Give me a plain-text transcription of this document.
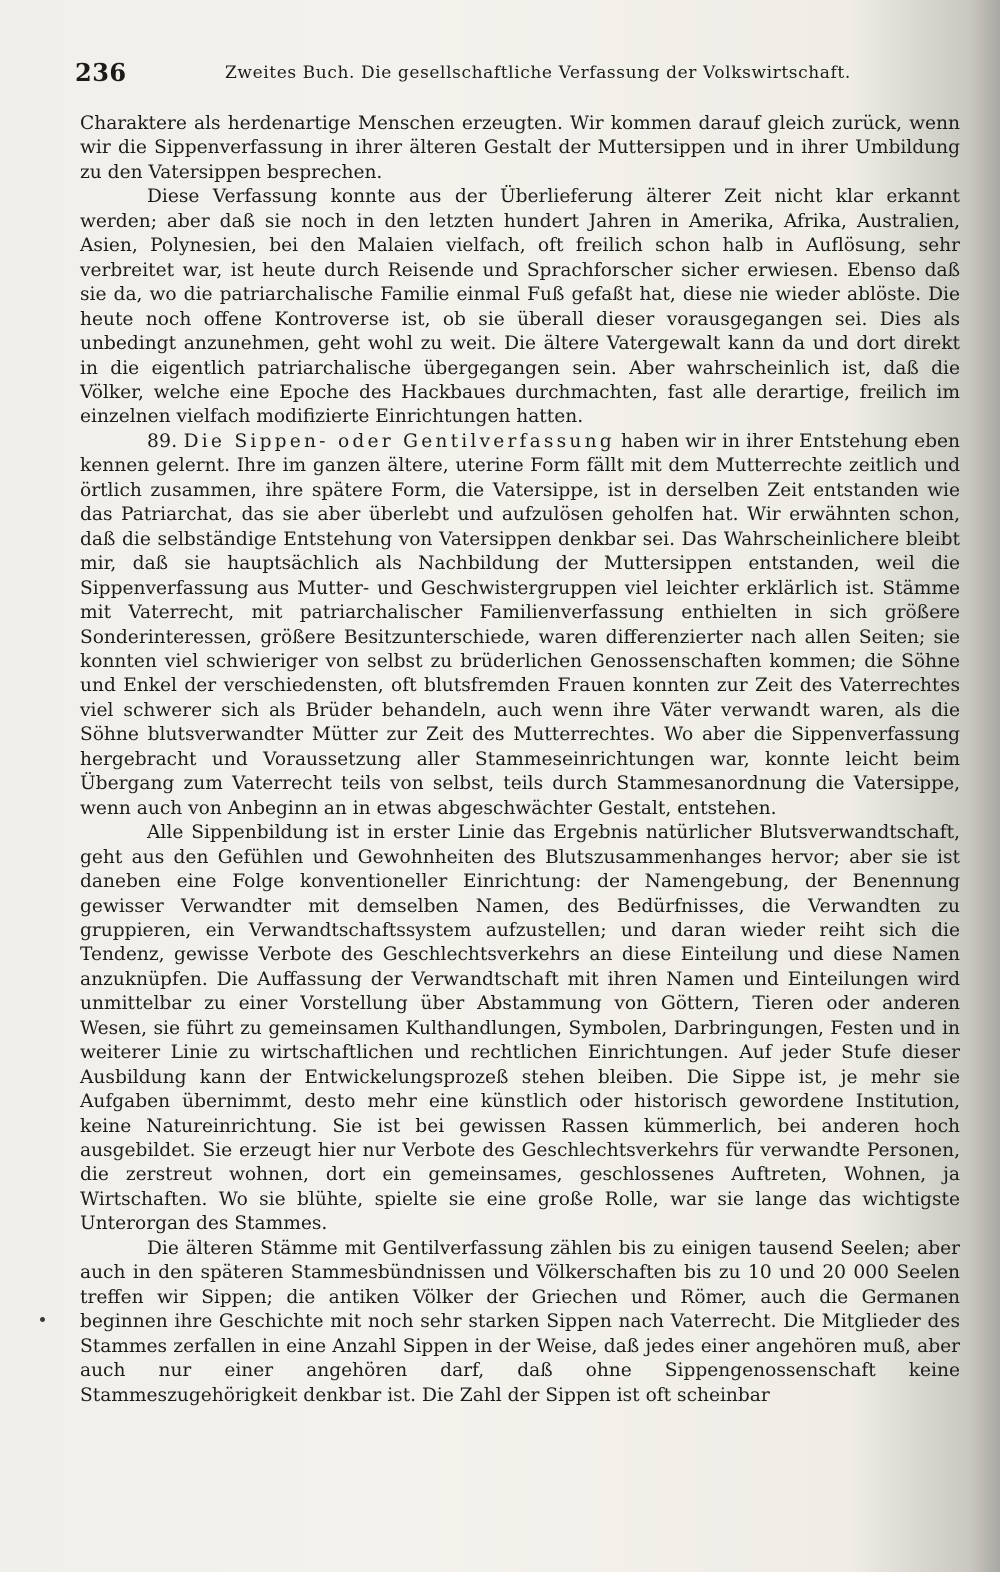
236	Zweites Buch. Die gesellschaftliche Verfassung der Volkswirtschaft.

Charaktere als herdenartige Menschen erzeugten. Wir kommen darauf gleich zurück, wenn wir die Sippenverfassung in ihrer älteren Gestalt der Muttersippen und in ihrer Umbildung zu den Vatersippen besprechen.

Diese Verfassung konnte aus der Überlieferung älterer Zeit nicht klar erkannt werden; aber daß sie noch in den letzten hundert Jahren in Amerika, Afrika, Australien, Asien, Polynesien, bei den Malaien vielfach, oft freilich schon halb in Auflösung, sehr verbreitet war, ist heute durch Reisende und Sprachforscher sicher erwiesen. Ebenso daß sie da, wo die patriarchalische Familie einmal Fuß gefaßt hat, diese nie wieder ablöste. Die heute noch offene Kontroverse ist, ob sie überall dieser vorausgegangen sei. Dies als unbedingt anzunehmen, geht wohl zu weit. Die ältere Vatergewalt kann da und dort direkt in die eigentlich patriarchalische übergegangen sein. Aber wahrscheinlich ist, daß die Völker, welche eine Epoche des Hackbaues durchmachten, fast alle derartige, freilich im einzelnen vielfach modifizierte Einrichtungen hatten.

89. Die Sippen- oder Gentilverfassung haben wir in ihrer Entstehung eben kennen gelernt. Ihre im ganzen ältere, uterine Form fällt mit dem Mutterrechte zeitlich und örtlich zusammen, ihre spätere Form, die Vatersippe, ist in derselben Zeit entstanden wie das Patriarchat, das sie aber überlebt und aufzulösen geholfen hat. Wir erwähnten schon, daß die selbständige Entstehung von Vatersippen denkbar sei. Das Wahrscheinlichere bleibt mir, daß sie hauptsächlich als Nachbildung der Muttersippen entstanden, weil die Sippenverfassung aus Mutter- und Geschwistergruppen viel leichter erklärlich ist. Stämme mit Vaterrecht, mit patriarchalischer Familienverfassung enthielten in sich größere Sonderinteressen, größere Besitzunterschiede, waren differenzierter nach allen Seiten; sie konnten viel schwieriger von selbst zu brüderlichen Genossenschaften kommen; die Söhne und Enkel der verschiedensten, oft blutsfremden Frauen konnten zur Zeit des Vaterrechtes viel schwerer sich als Brüder behandeln, auch wenn ihre Väter verwandt waren, als die Söhne blutsverwandter Mütter zur Zeit des Mutterrechtes. Wo aber die Sippenverfassung hergebracht und Voraussetzung aller Stammeseinrichtungen war, konnte leicht beim Übergang zum Vaterrecht teils von selbst, teils durch Stammesanordnung die Vatersippe, wenn auch von Anbeginn an in etwas abgeschwächter Gestalt, entstehen.

Alle Sippenbildung ist in erster Linie das Ergebnis natürlicher Blutsverwandtschaft, geht aus den Gefühlen und Gewohnheiten des Blutszusammenhanges hervor; aber sie ist daneben eine Folge konventioneller Einrichtung: der Namengebung, der Benennung gewisser Verwandter mit demselben Namen, des Bedürfnisses, die Verwandten zu gruppieren, ein Verwandtschaftssystem aufzustellen; und daran wieder reiht sich die Tendenz, gewisse Verbote des Geschlechtsverkehrs an diese Einteilung und diese Namen anzuknüpfen. Die Auffassung der Verwandtschaft mit ihren Namen und Einteilungen wird unmittelbar zu einer Vorstellung über Abstammung von Göttern, Tieren oder anderen Wesen, sie führt zu gemeinsamen Kulthandlungen, Symbolen, Darbringungen, Festen und in weiterer Linie zu wirtschaftlichen und rechtlichen Einrichtungen. Auf jeder Stufe dieser Ausbildung kann der Entwickelungsprozeß stehen bleiben. Die Sippe ist, je mehr sie Aufgaben übernimmt, desto mehr eine künstlich oder historisch gewordene Institution, keine Natureinrichtung. Sie ist bei gewissen Rassen kümmerlich, bei anderen hoch ausgebildet. Sie erzeugt hier nur Verbote des Geschlechtsverkehrs für verwandte Personen, die zerstreut wohnen, dort ein gemeinsames, geschlossenes Auftreten, Wohnen, ja Wirtschaften. Wo sie blühte, spielte sie eine große Rolle, war sie lange das wichtigste Unterorgan des Stammes.

Die älteren Stämme mit Gentilverfassung zählen bis zu einigen tausend Seelen; aber auch in den späteren Stammesbündnissen und Völkerschaften bis zu 10 und 20 000 Seelen treffen wir Sippen; die antiken Völker der Griechen und Römer, auch die Germanen beginnen ihre Geschichte mit noch sehr starken Sippen nach Vaterrecht. Die Mitglieder des Stammes zerfallen in eine Anzahl Sippen in der Weise, daß jedes einer angehören muß, aber auch nur einer angehören darf, daß ohne Sippengenossenschaft keine Stammeszugehörigkeit denkbar ist. Die Zahl der Sippen ist oft scheinbar
